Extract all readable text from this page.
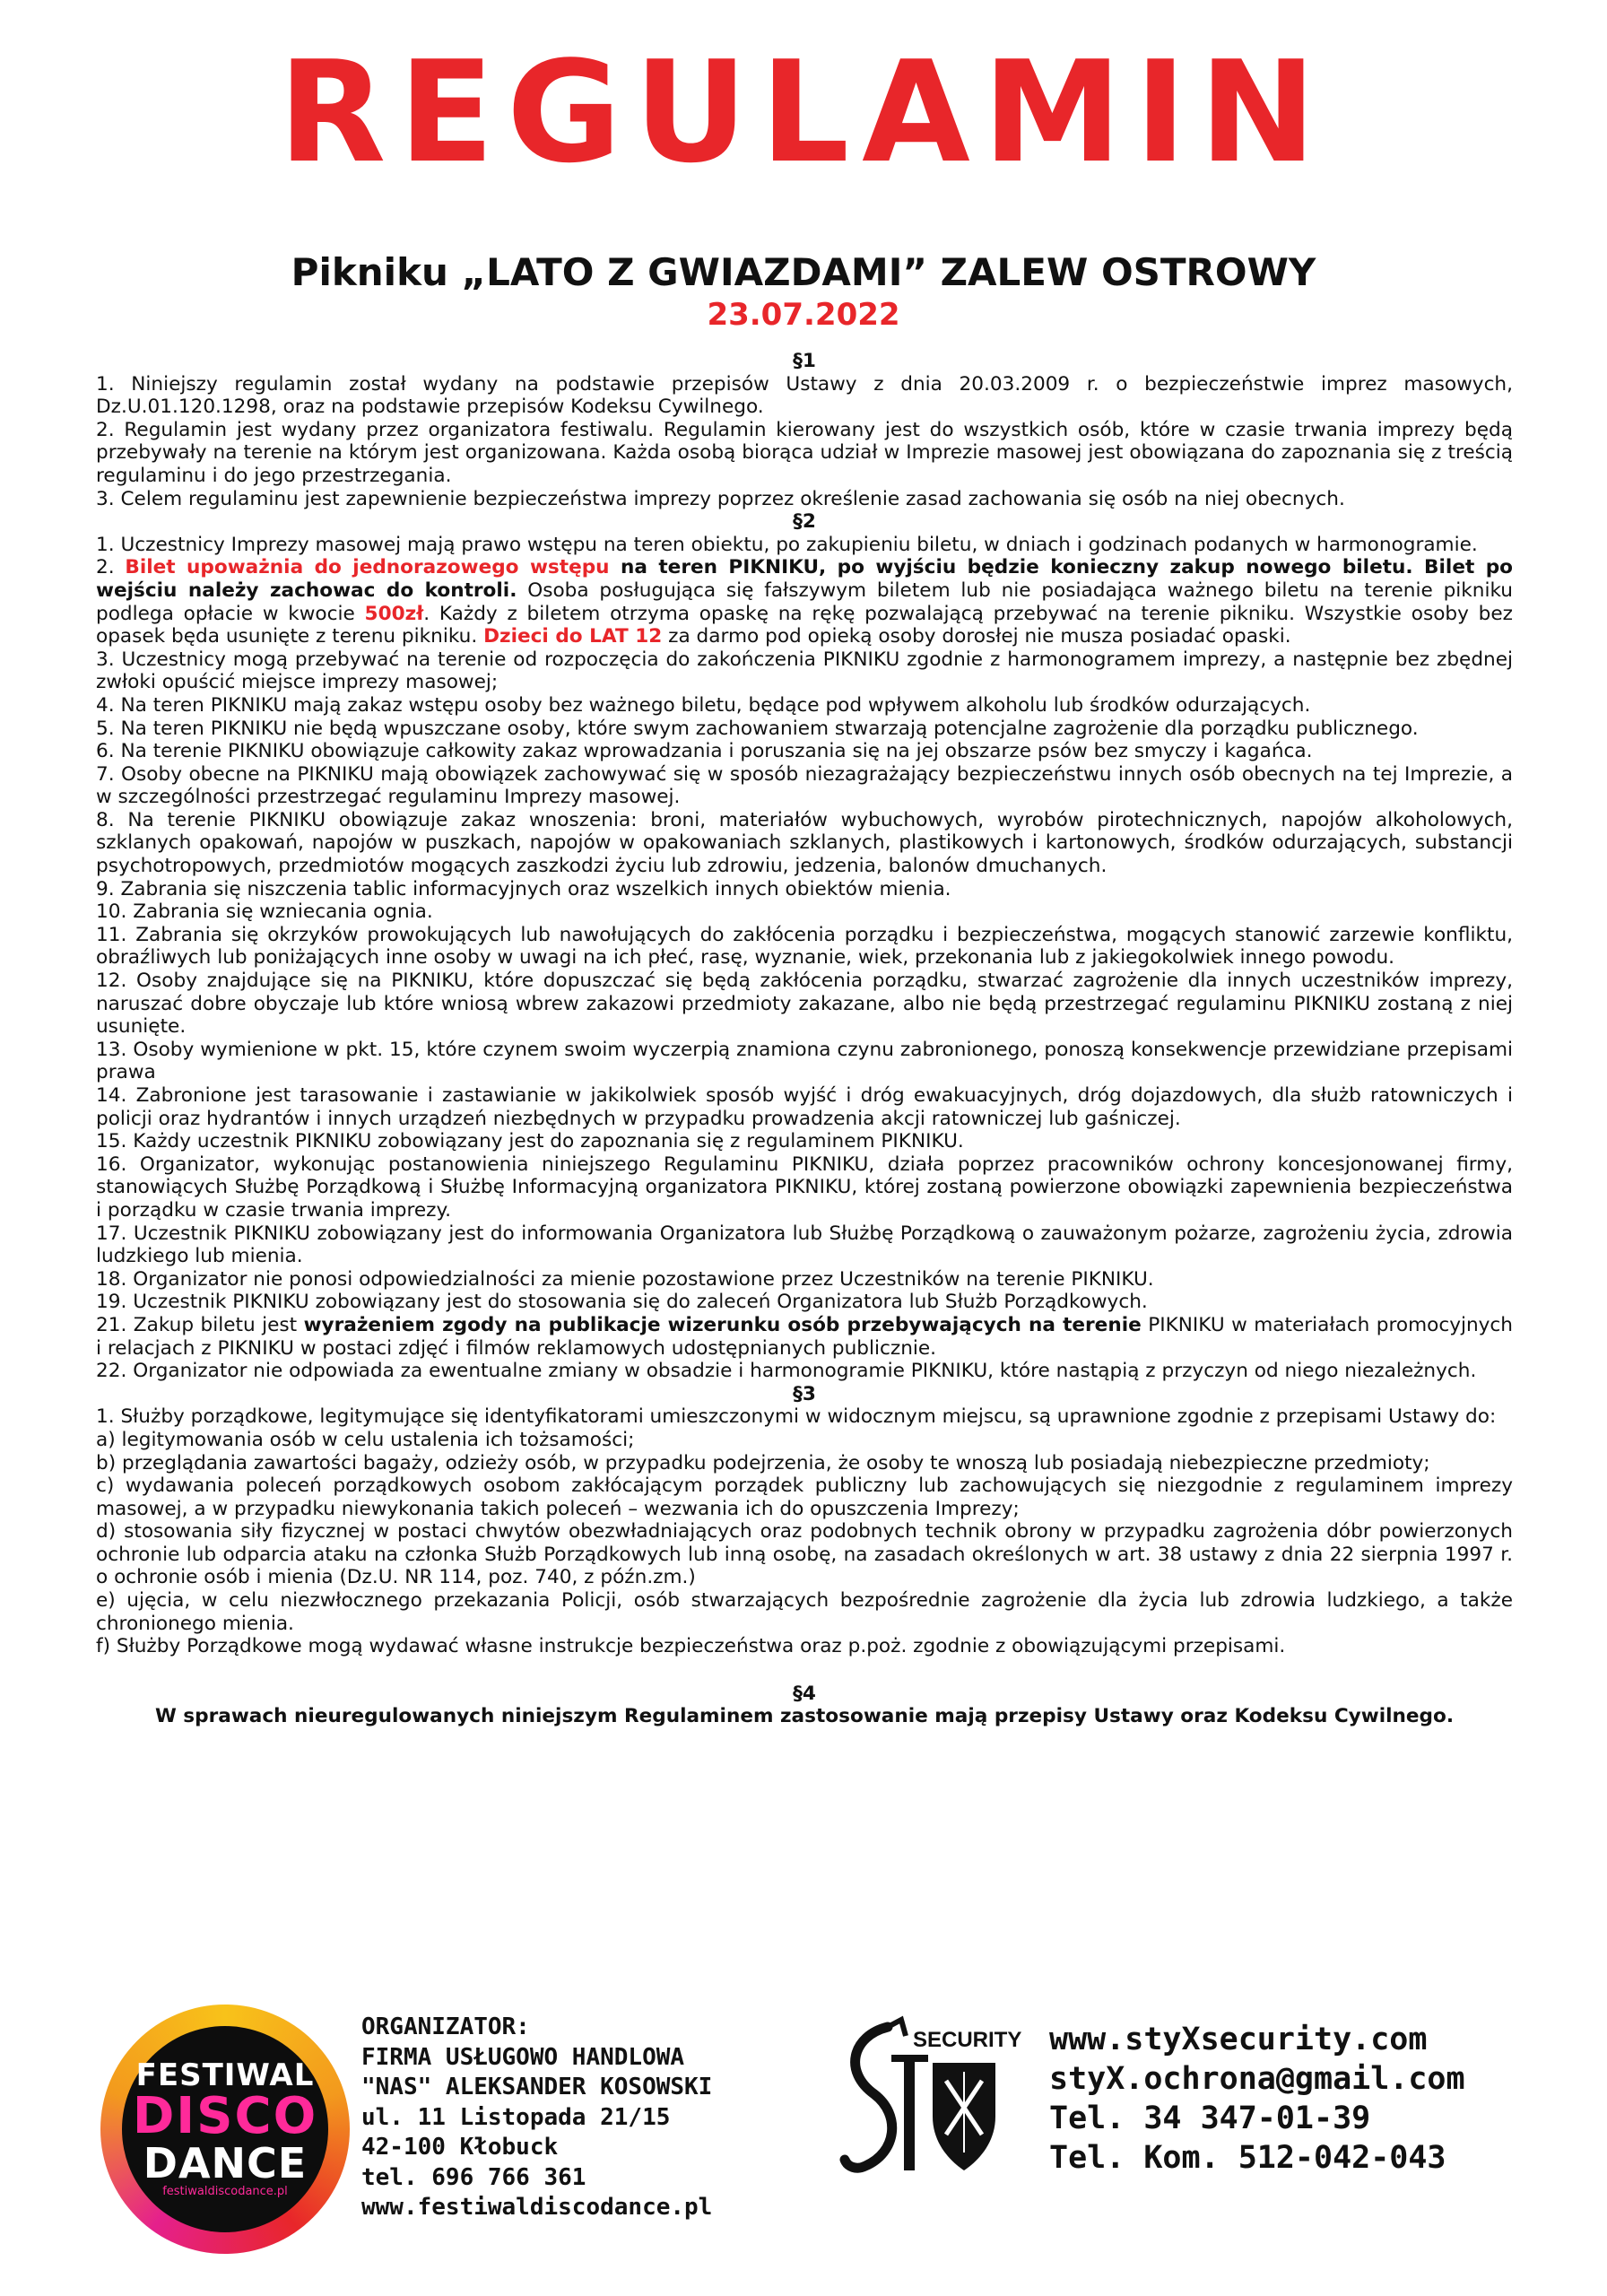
REGULAMIN
Pikniku „LATO Z GWIAZDAMI” ZALEW OSTROWY
23.07.2022

§1

1. Niniejszy regulamin został wydany na podstawie przepisów Ustawy z dnia 20.03.2009 r. o bezpieczeństwie imprez masowych, Dz.U.01.120.1298, oraz na podstawie przepisów Kodeksu Cywilnego.

2. Regulamin jest wydany przez organizatora festiwalu. Regulamin kierowany jest do wszystkich osób, które w czasie trwania imprezy będą przebywały na terenie na którym jest organizowana. Każda osobą biorąca udział w Imprezie masowej jest obowiązana do zapoznania się z treścią regulaminu i do jego przestrzegania.

3. Celem regulaminu jest zapewnienie bezpieczeństwa imprezy poprzez określenie zasad zachowania się osób na niej obecnych.

§2

1. Uczestnicy Imprezy masowej mają prawo wstępu na teren obiektu, po zakupieniu biletu, w dniach i godzinach podanych w harmonogramie.

2. Bilet upoważnia do jednorazowego wstępu na teren PIKNIKU, po wyjściu będzie konieczny zakup nowego biletu. Bilet po wejściu należy zachowac do kontroli. Osoba posługująca się fałszywym biletem lub nie posiadająca ważnego biletu na terenie pikniku podlega opłacie w kwocie 500zł. Każdy z biletem otrzyma opaskę na rękę pozwalającą przebywać na terenie pikniku. Wszystkie osoby bez opasek będa usunięte z terenu pikniku. Dzieci do LAT 12 za darmo pod opieką osoby dorosłej nie musza posiadać opaski.

3. Uczestnicy mogą przebywać na terenie od rozpoczęcia do zakończenia PIKNIKU zgodnie z harmonogramem imprezy, a następnie bez zbędnej zwłoki opuścić miejsce imprezy masowej;

4. Na teren PIKNIKU mają zakaz wstępu osoby bez ważnego biletu, będące pod wpływem alkoholu lub środków odurzających.

5. Na teren PIKNIKU nie będą wpuszczane osoby, które swym zachowaniem stwarzają potencjalne zagrożenie dla porządku publicznego.

6. Na terenie PIKNIKU obowiązuje całkowity zakaz wprowadzania i poruszania się na jej obszarze psów bez smyczy i kagańca.

7. Osoby obecne na PIKNIKU mają obowiązek zachowywać się w sposób niezagrażający bezpieczeństwu innych osób obecnych na tej Imprezie, a w szczególności przestrzegać regulaminu Imprezy masowej.

8. Na terenie PIKNIKU obowiązuje zakaz wnoszenia: broni, materiałów wybuchowych, wyrobów pirotechnicznych, napojów alkoholowych, szklanych opakowań, napojów w puszkach, napojów w opakowaniach szklanych, plastikowych i kartonowych, środków odurzających, substancji psychotropowych, przedmiotów mogących zaszkodzi życiu lub zdrowiu, jedzenia, balonów dmuchanych.

9. Zabrania się niszczenia tablic informacyjnych oraz wszelkich innych obiektów mienia.

10. Zabrania się wzniecania ognia.

11. Zabrania się okrzyków prowokujących lub nawołujących do zakłócenia porządku i bezpieczeństwa, mogących stanowić zarzewie konfliktu, obraźliwych lub poniżających inne osoby w uwagi na ich płeć, rasę, wyznanie, wiek, przekonania lub z jakiegokolwiek innego powodu.

12. Osoby znajdujące się na PIKNIKU, które dopuszczać się będą zakłócenia porządku, stwarzać zagrożenie dla innych uczestników imprezy, naruszać dobre obyczaje lub które wniosą wbrew zakazowi przedmioty zakazane, albo nie będą przestrzegać regulaminu PIKNIKU zostaną z niej usunięte.

13. Osoby wymienione w pkt. 15, które czynem swoim wyczerpią znamiona czynu zabronionego, ponoszą konsekwencje przewidziane przepisami prawa

14. Zabronione jest tarasowanie i zastawianie w jakikolwiek sposób wyjść i dróg ewakuacyjnych, dróg dojazdowych, dla służb ratowniczych i policji oraz hydrantów i innych urządzeń niezbędnych w przypadku prowadzenia akcji ratowniczej lub gaśniczej.

15. Każdy uczestnik PIKNIKU zobowiązany jest do zapoznania się z regulaminem PIKNIKU.

16. Organizator, wykonując postanowienia niniejszego Regulaminu PIKNIKU, działa poprzez pracowników ochrony koncesjonowanej firmy, stanowiących Służbę Porządkową i Służbę Informacyjną organizatora PIKNIKU, której zostaną powierzone obowiązki zapewnienia bezpieczeństwa i porządku w czasie trwania imprezy.

17. Uczestnik PIKNIKU zobowiązany jest do informowania Organizatora lub Służbę Porządkową o zauważonym pożarze, zagrożeniu życia, zdrowia ludzkiego lub mienia.

18. Organizator nie ponosi odpowiedzialności za mienie pozostawione przez Uczestników na terenie PIKNIKU.

19. Uczestnik PIKNIKU zobowiązany jest do stosowania się do zaleceń Organizatora lub Służb Porządkowych.

21. Zakup biletu jest wyrażeniem zgody na publikacje wizerunku osób przebywających na terenie PIKNIKU w materiałach promocyjnych i relacjach z PIKNIKU w postaci zdjęć i filmów reklamowych udostępnianych publicznie.

22. Organizator nie odpowiada za ewentualne zmiany w obsadzie i harmonogramie PIKNIKU, które nastąpią z przyczyn od niego niezależnych.

§3

1. Służby porządkowe, legitymujące się identyfikatorami umieszczonymi w widocznym miejscu, są uprawnione zgodnie z przepisami Ustawy do:

a) legitymowania osób w celu ustalenia ich tożsamości;

b) przeglądania zawartości bagaży, odzieży osób, w przypadku podejrzenia, że osoby te wnoszą lub posiadają niebezpieczne przedmioty;

c) wydawania poleceń porządkowych osobom zakłócającym porządek publiczny lub zachowujących się niezgodnie z regulaminem imprezy masowej, a w przypadku niewykonania takich poleceń – wezwania ich do opuszczenia Imprezy;

d) stosowania siły fizycznej w postaci chwytów obezwładniających oraz podobnych technik obrony w przypadku zagrożenia dóbr powierzonych ochronie lub odparcia ataku na członka Służb Porządkowych lub inną osobę, na zasadach określonych w art. 38 ustawy z dnia 22 sierpnia 1997 r. o ochronie osób i mienia (Dz.U. NR 114, poz. 740, z późn.zm.)

e) ujęcia, w celu niezwłocznego przekazania Policji, osób stwarzających bezpośrednie zagrożenie dla życia lub zdrowia ludzkiego, a także chronionego mienia.

f) Służby Porządkowe mogą wydawać własne instrukcje bezpieczeństwa oraz p.poż. zgodnie z obowiązującymi przepisami.

§4

W sprawach nieuregulowanych niniejszym Regulaminem zastosowanie mają przepisy Ustawy oraz Kodeksu Cywilnego.

FESTIWAL
DISCO
DANCE
festiwaldiscodance.pl
ORGANIZATOR:
FIRMA USŁUGOWO HANDLOWA
"NAS" ALEKSANDER KOSOWSKI
ul. 11 Listopada 21/15
42-100 Kłobuck
tel. 696 766 361
www.festiwaldiscodance.pl
SECURITY www.styXsecurity.com
styX.ochrona@gmail.com
Tel. 34 347-01-39
Tel. Kom. 512-042-043
